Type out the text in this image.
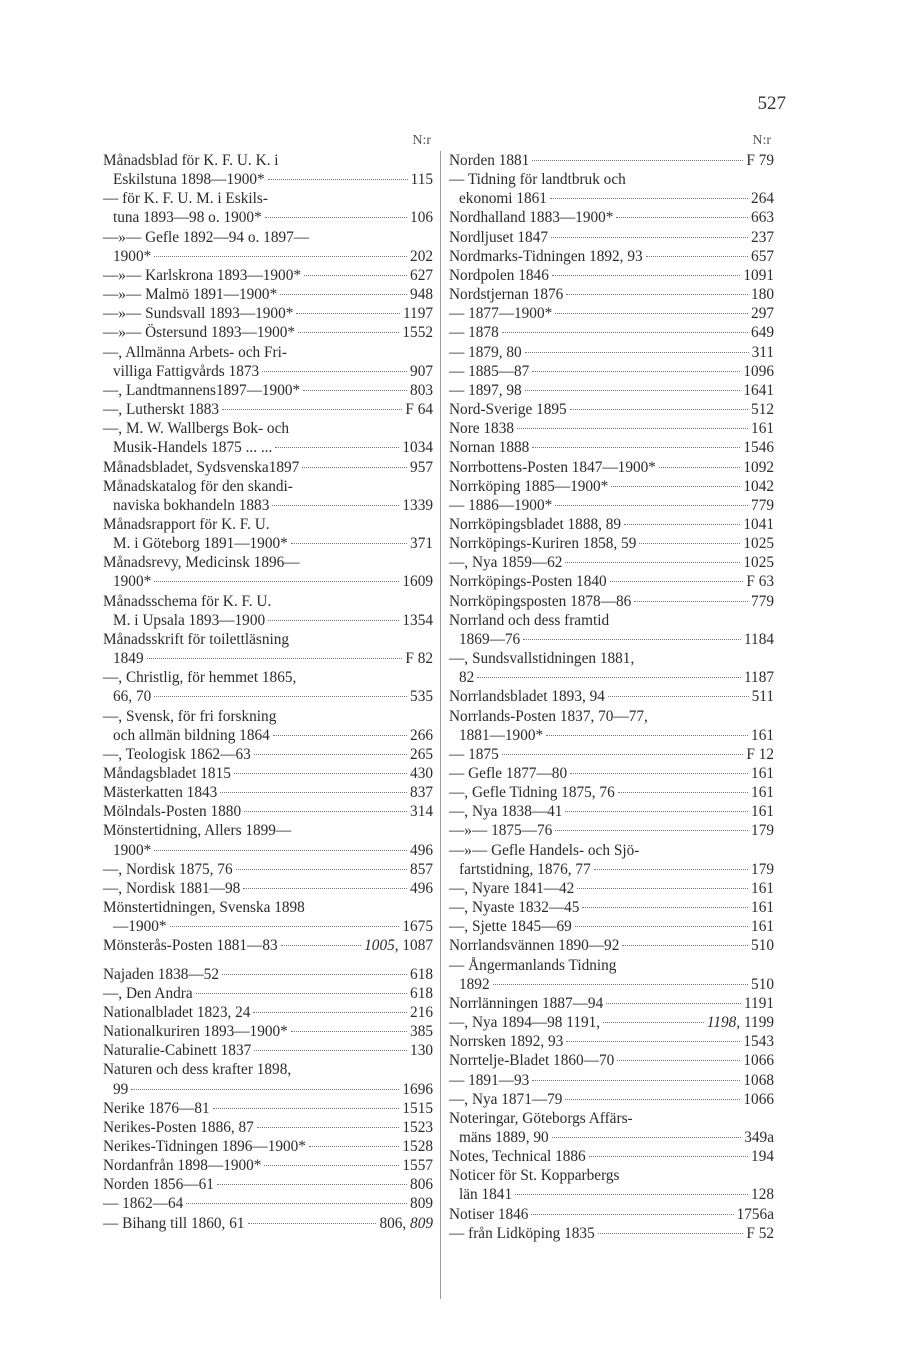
527
N:r	N:r
Månadsblad för K. F. U. K. i
Eskilstuna 1898—1900*	115
— för K. F. U. M. i Eskils-
tuna 1893—98 o. 1900*	106
—»— Gefle 1892—94 o. 1897—
1900*	202
—»— Karlskrona 1893—1900*	627
—»— Malmö 1891—1900*	948
—»— Sundsvall 1893—1900*	1197
—»— Östersund 1893—1900*	1552
—, Allmänna Arbets- och Fri-
villiga Fattigvårds 1873	907
—, Landtmannens1897—1900*	803
—, Lutherskt 1883	F 64
—, M. W. Wallbergs Bok- och
Musik-Handels 1875 ... ...	1034
Månadsbladet, Sydsvenska1897	957
Månadskatalog för den skandi-
naviska bokhandeln 1883	1339
Månadsrapport för K. F. U.
M. i Göteborg 1891—1900*	371
Månadsrevy, Medicinsk 1896—
1900*	1609
Månadsschema för K. F. U.
M. i Upsala 1893—1900	1354
Månadsskrift för toilettläsning
1849	F 82
—, Christlig, för hemmet 1865,
66, 70	535
—, Svensk, för fri forskning
och allmän bildning 1864	266
—, Teologisk 1862—63	265
Måndagsbladet 1815	430
Mästerkatten 1843	837
Mölndals-Posten 1880	314
Mönstertidning, Allers 1899—
1900*	496
—, Nordisk 1875, 76	857
—, Nordisk 1881—98	496
Mönstertidningen, Svenska 1898
—1900*	1675
Mönsterås-Posten 1881—83	1005, 1087
Najaden 1838—52	618
—, Den Andra	618
Nationalbladet 1823, 24	216
Nationalkuriren 1893—1900*	385
Naturalie-Cabinett 1837	130
Naturen och dess krafter 1898,
99	1696
Nerike 1876—81	1515
Nerikes-Posten 1886, 87	1523
Nerikes-Tidningen 1896—1900*	1528
Nordanfrån 1898—1900*	1557
Norden 1856—61	806
— 1862—64	809
— Bihang till 1860, 61	806, 809
Norden 1881	F 79
— Tidning för landtbruk och
ekonomi 1861	264
Nordhalland 1883—1900*	663
Nordljuset 1847	237
Nordmarks-Tidningen 1892, 93	657
Nordpolen 1846	1091
Nordstjernan 1876	180
— 1877—1900*	297
— 1878	649
— 1879, 80	311
— 1885—87	1096
— 1897, 98	1641
Nord-Sverige 1895	512
Nore 1838	161
Nornan 1888	1546
Norrbottens-Posten 1847—1900*	1092
Norrköping 1885—1900*	1042
— 1886—1900*	779
Norrköpingsbladet 1888, 89	1041
Norrköpings-Kuriren 1858, 59	1025
—, Nya 1859—62	1025
Norrköpings-Posten 1840	F 63
Norrköpingsposten 1878—86	779
Norrland och dess framtid
1869—76	1184
—, Sundsvallstidningen 1881,
82	1187
Norrlandsbladet 1893, 94	511
Norrlands-Posten 1837, 70—77,
1881—1900*	161
— 1875	F 12
— Gefle 1877—80	161
—, Gefle Tidning 1875, 76	161
—, Nya 1838—41	161
—»— 1875—76	179
—»— Gefle Handels- och Sjö-
fartstidning, 1876, 77	179
—, Nyare 1841—42	161
—, Nyaste 1832—45	161
—, Sjette 1845—69	161
Norrlandsvännen 1890—92	510
— Ångermanlands Tidning
1892	510
Norrlänningen 1887—94	1191
—, Nya 1894—98 1191,	1198, 1199
Norrsken 1892, 93	1543
Norrtelje-Bladet 1860—70	1066
— 1891—93	1068
—, Nya 1871—79	1066
Noteringar, Göteborgs Affärs-
mäns 1889, 90	349a
Notes, Technical 1886	194
Noticer för St. Kopparbergs
län 1841	128
Notiser 1846	1756a
— från Lidköping 1835	F 52
